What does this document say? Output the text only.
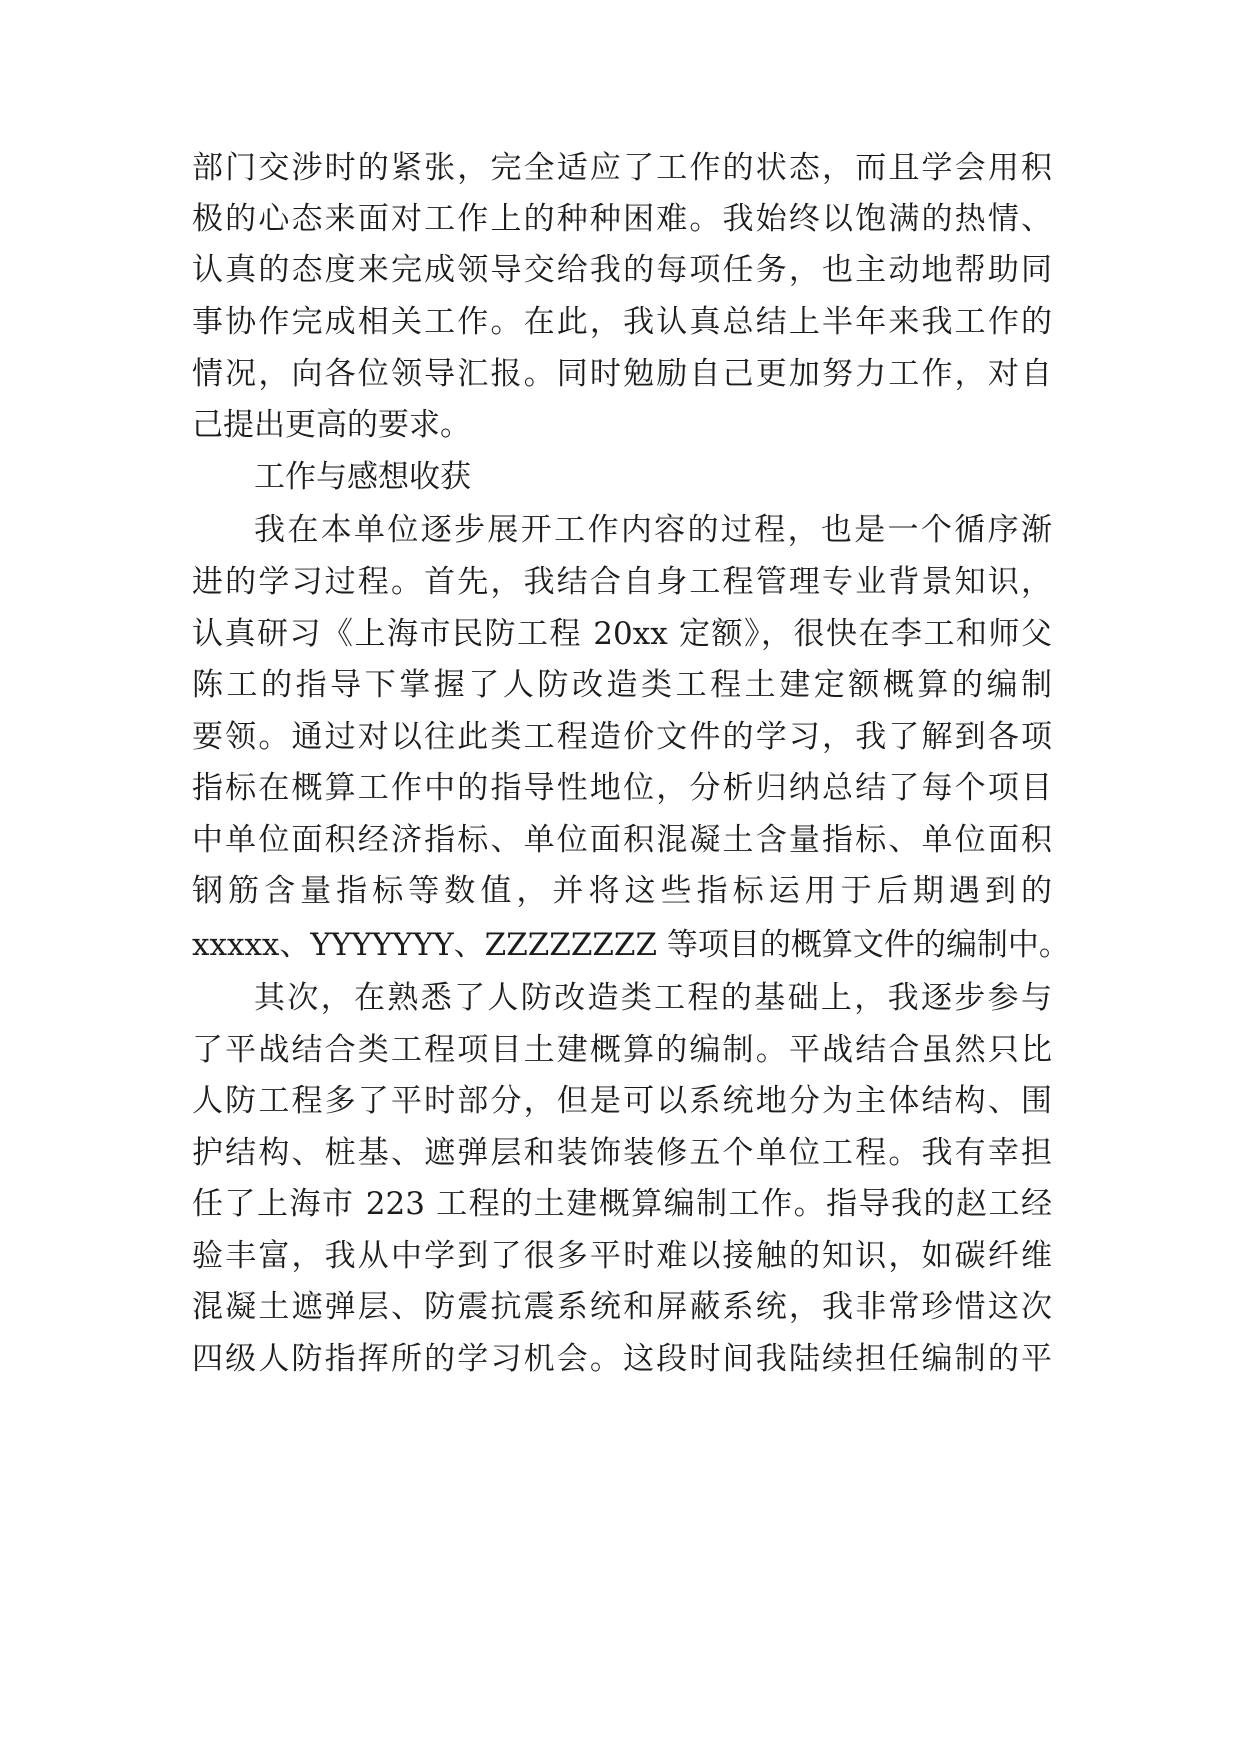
部门交涉时的紧张，完全适应了工作的状态，而且学会用积
极的心态来面对工作上的种种困难。我始终以饱满的热情、
认真的态度来完成领导交给我的每项任务，也主动地帮助同
事协作完成相关工作。在此，我认真总结上半年来我工作的
情况，向各位领导汇报。同时勉励自己更加努力工作，对自
己提出更高的要求。
工作与感想收获
我在本单位逐步展开工作内容的过程，也是一个循序渐
进的学习过程。首先，我结合自身工程管理专业背景知识，
认真研习《上海市民防工程 20xx 定额》，很快在李工和师父
陈工的指导下掌握了人防改造类工程土建定额概算的编制
要领。通过对以往此类工程造价文件的学习，我了解到各项
指标在概算工作中的指导性地位，分析归纳总结了每个项目
中单位面积经济指标、单位面积混凝土含量指标、单位面积
钢筋含量指标等数值，并将这些指标运用于后期遇到的
xxxxx、YYYYYYY、ZZZZZZZZ 等项目的概算文件的编制中。
其次，在熟悉了人防改造类工程的基础上，我逐步参与
了平战结合类工程项目土建概算的编制。平战结合虽然只比
人防工程多了平时部分，但是可以系统地分为主体结构、围
护结构、桩基、遮弹层和装饰装修五个单位工程。我有幸担
任了上海市 223 工程的土建概算编制工作。指导我的赵工经
验丰富，我从中学到了很多平时难以接触的知识，如碳纤维
混凝土遮弹层、防震抗震系统和屏蔽系统，我非常珍惜这次
四级人防指挥所的学习机会。这段时间我陆续担任编制的平
